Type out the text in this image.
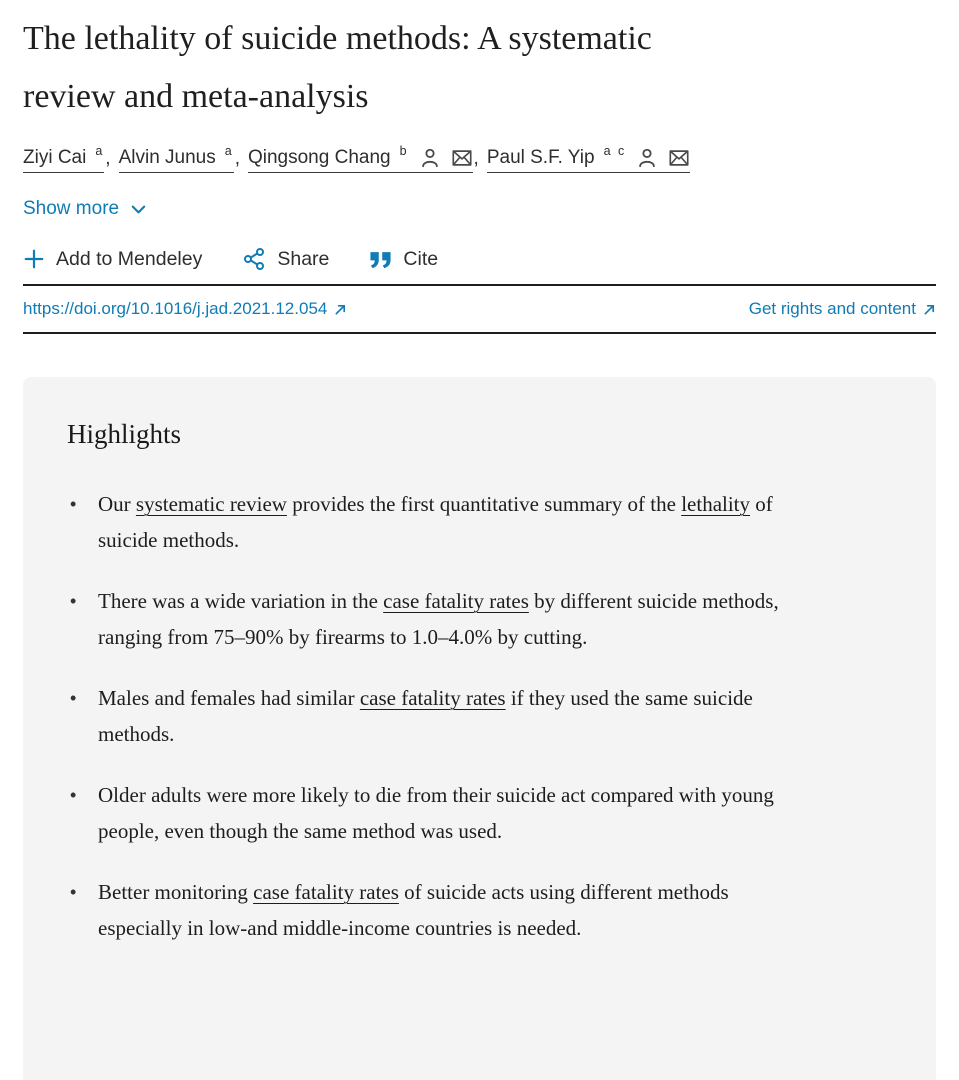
The lethality of suicide methods: A systematic review and meta-analysis
Ziyi Cai $^a$ , Alvin Junus $^a$ , Qingsong Chang $^b$	, Paul S.F. Yip $^{a c}$
Show more
Add to Mendeley	Share	Cite
https://doi.org/10.1016/j.jad.2021.12.054	Get rights and content
Highlights
•	Our systematic review provides the first quantitative summary of the lethality of suicide methods.

•	There was a wide variation in the case fatality rates by different suicide methods, ranging from 75–90% by firearms to 1.0–4.0% by cutting.

•	Males and females had similar case fatality rates if they used the same suicide methods.

•	Older adults were more likely to die from their suicide act compared with young people, even though the same method was used.

•	Better monitoring case fatality rates of suicide acts using different methods especially in low-and middle-income countries is needed.
